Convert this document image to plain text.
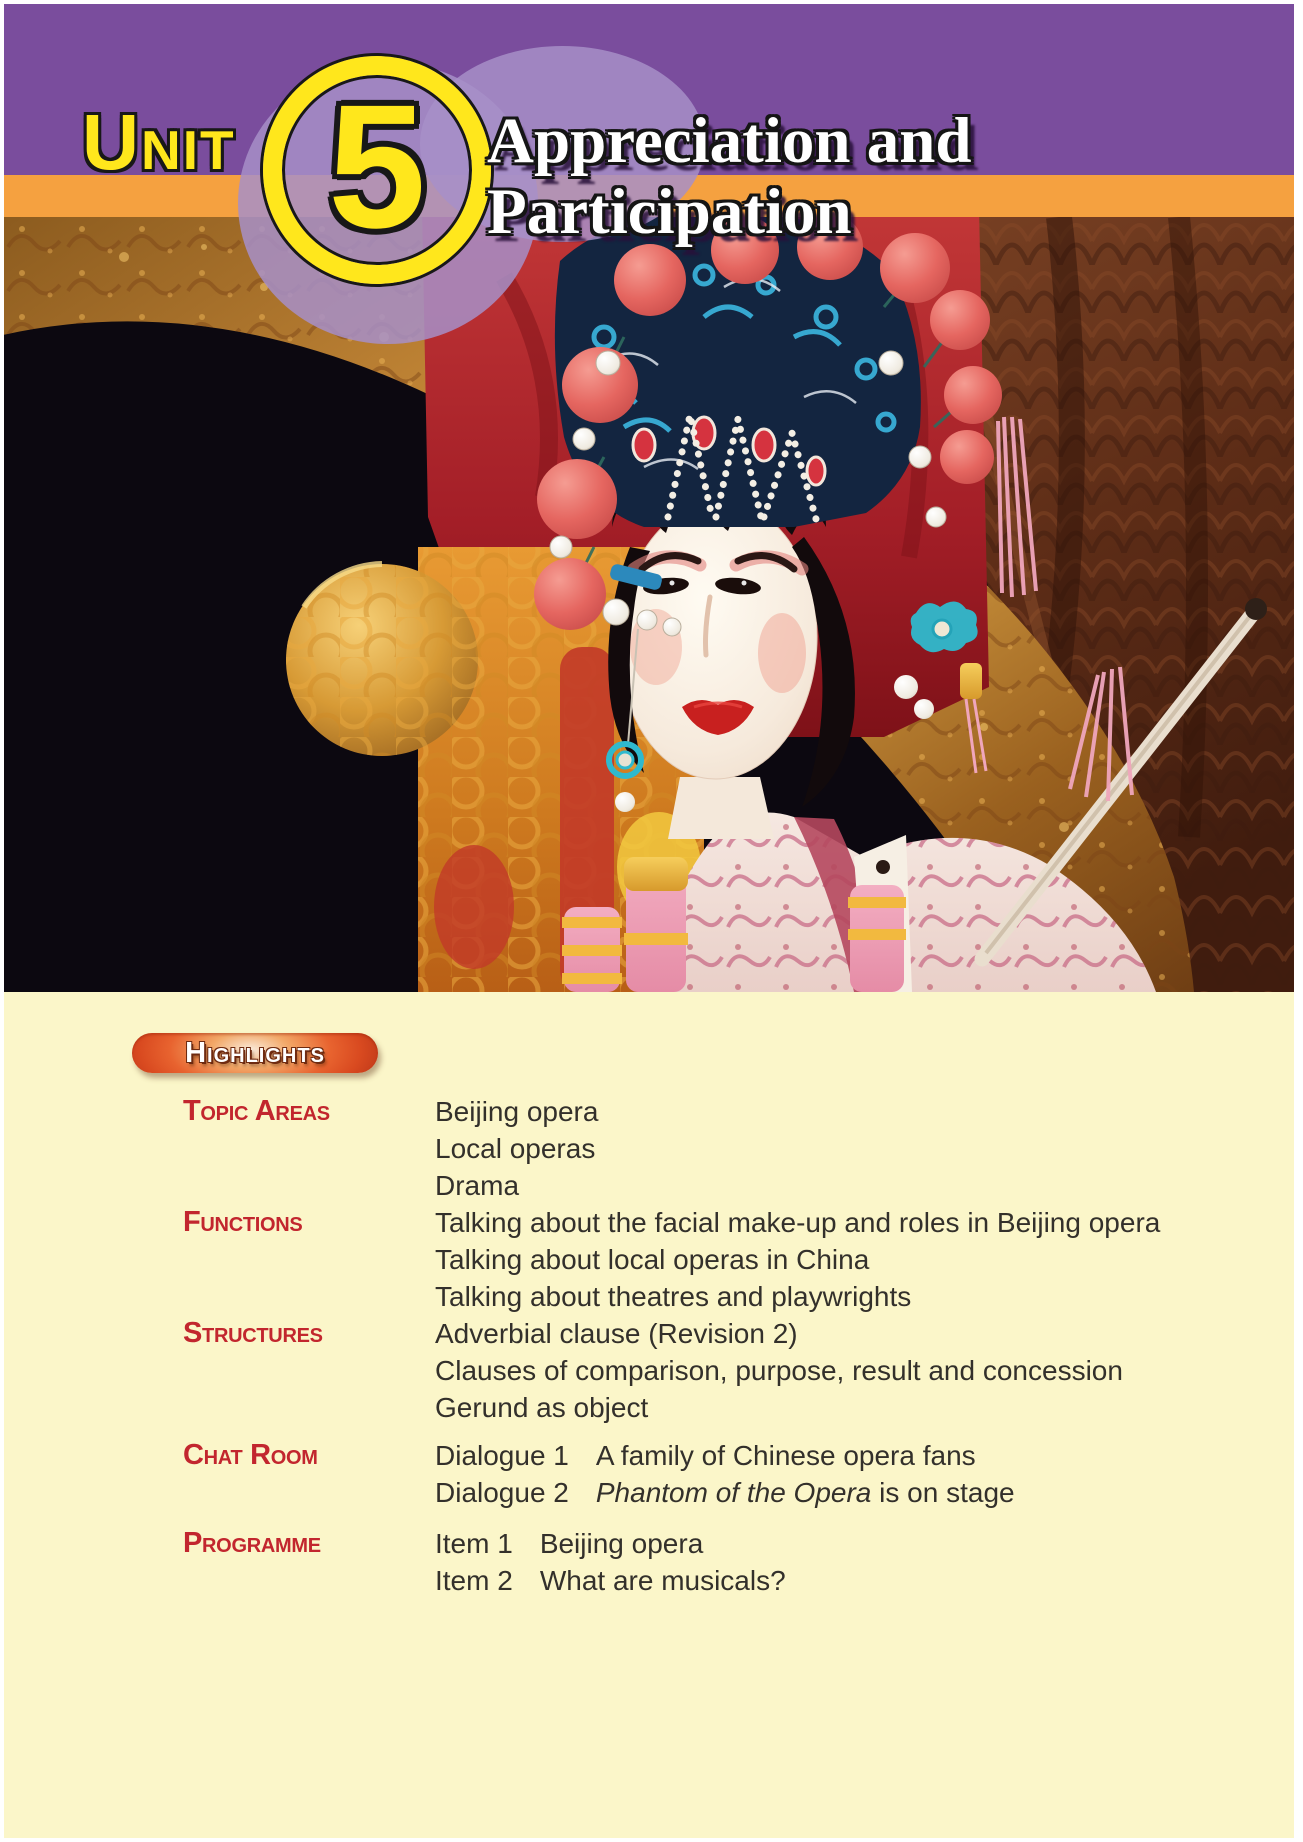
Unit 5 Appreciation and
Participation
Highlights
Topic Areas	Beijing opera
Local operas
Drama
Functions	Talking about the facial make-up and roles in Beijing opera
Talking about local operas in China
Talking about theatres and playwrights
Structures	Adverbial clause (Revision 2)
Clauses of comparison, purpose, result and concession
Gerund as object
Chat Room	Dialogue 1 A family of Chinese opera fans
Dialogue 2 Phantom of the Opera is on stage
Programme	Item 1 Beijing opera
Item 2 What are musicals?
